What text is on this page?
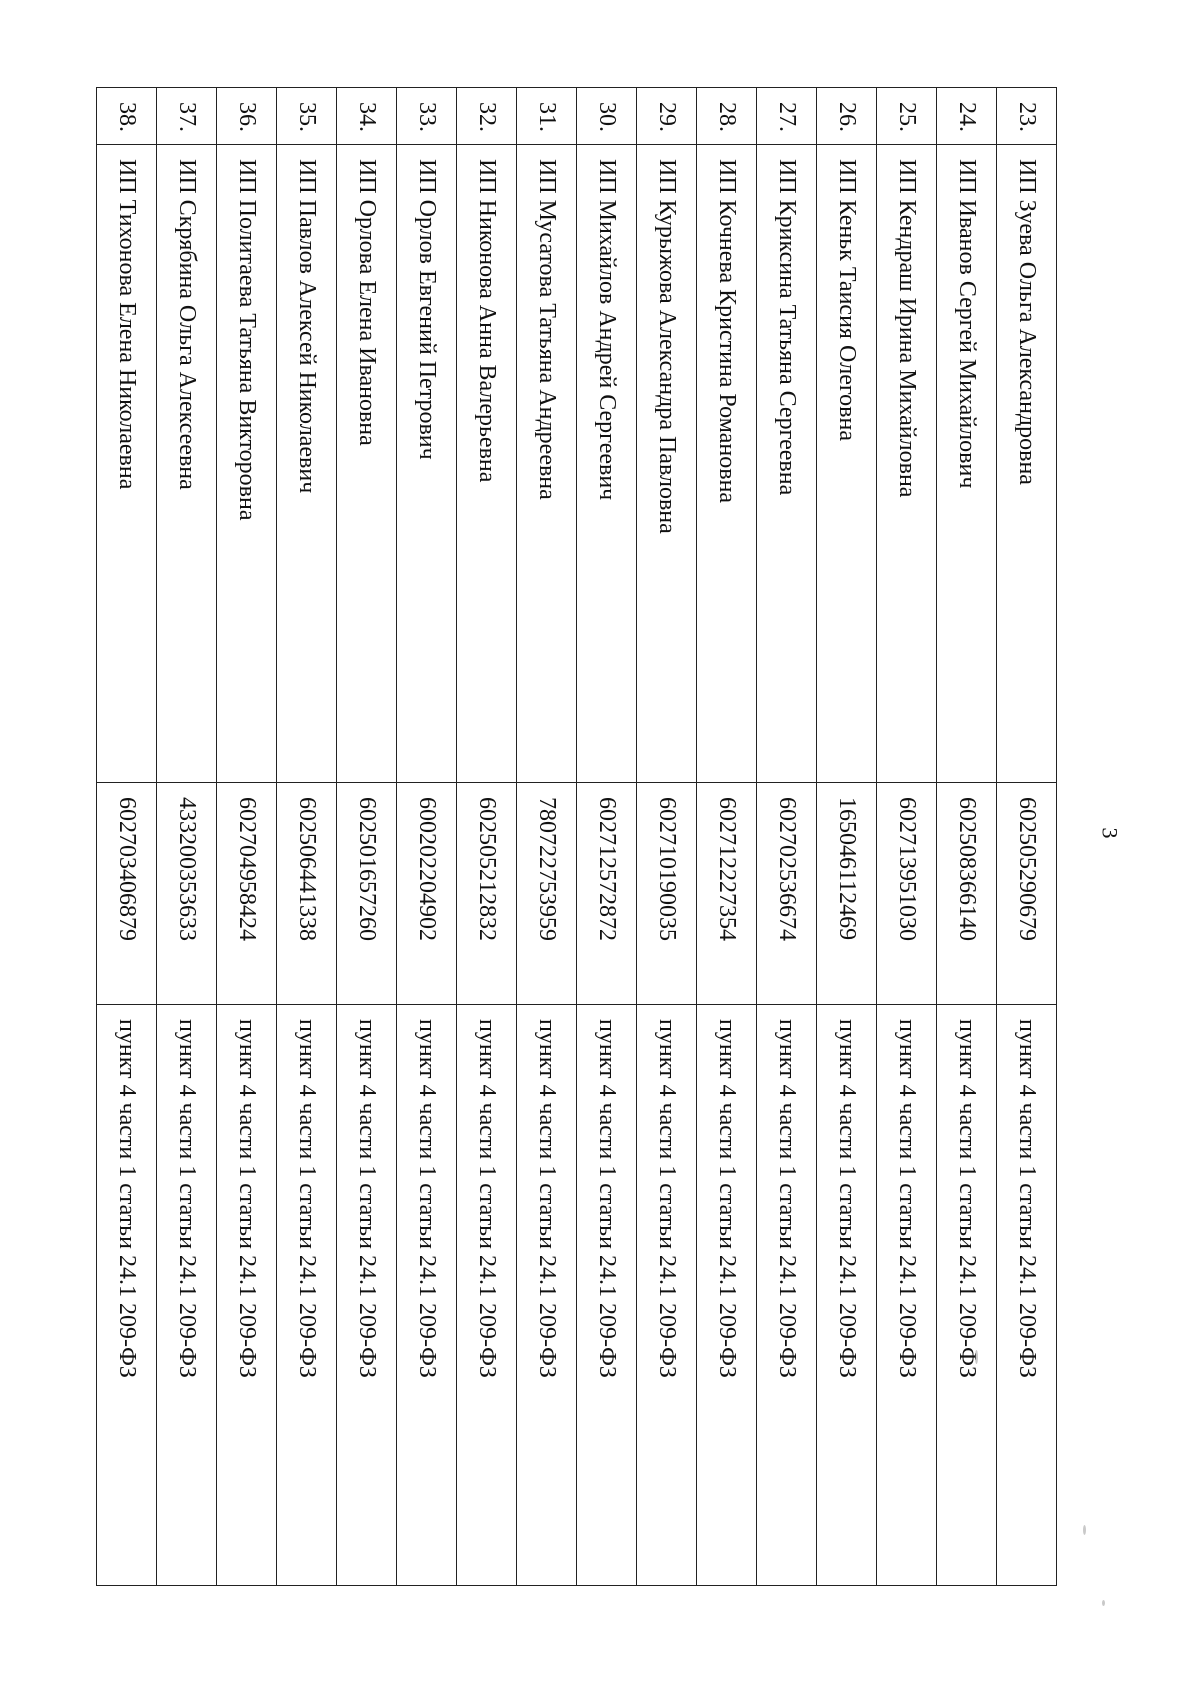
3
23.	ИП Зуева Ольга Александровна	602505290679	пункт 4 части 1 статьи 24.1 209-ФЗ
24.	ИП Иванов Сергей Михайлович	602508366140	пункт 4 части 1 статьи 24.1 209-ФЗ
25.	ИП Кендраш Ирина Михайловна	602713951030	пункт 4 части 1 статьи 24.1 209-ФЗ
26.	ИП Кеньк Таисия Олеговна	165046112469	пункт 4 части 1 статьи 24.1 209-ФЗ
27.	ИП Криксина Татьяна Сергеевна	602702536674	пункт 4 части 1 статьи 24.1 209-ФЗ
28.	ИП Кочнева Кристина Романовна	602712227354	пункт 4 части 1 статьи 24.1 209-ФЗ
29.	ИП Курыжова Александра Павловна	602710190035	пункт 4 части 1 статьи 24.1 209-ФЗ
30.	ИП Михайлов Андрей Сергеевич	602712572872	пункт 4 части 1 статьи 24.1 209-ФЗ
31.	ИП Мусатова Татьяна Андреевна	780722753959	пункт 4 части 1 статьи 24.1 209-ФЗ
32.	ИП Никонова Анна Валерьевна	602505212832	пункт 4 части 1 статьи 24.1 209-ФЗ
33.	ИП Орлов Евгений Петрович	600202204902	пункт 4 части 1 статьи 24.1 209-ФЗ
34.	ИП Орлова Елена Ивановна	602501657260	пункт 4 части 1 статьи 24.1 209-ФЗ
35.	ИП Павлов Алексей Николаевич	602506441338	пункт 4 части 1 статьи 24.1 209-ФЗ
36.	ИП Политаева Татьяна Викторовна	602704958424	пункт 4 части 1 статьи 24.1 209-ФЗ
37.	ИП Скрябина Ольга Алексеевна	433200353633	пункт 4 части 1 статьи 24.1 209-ФЗ
38.	ИП Тихонова Елена Николаевна	602703406879	пункт 4 части 1 статьи 24.1 209-ФЗ
